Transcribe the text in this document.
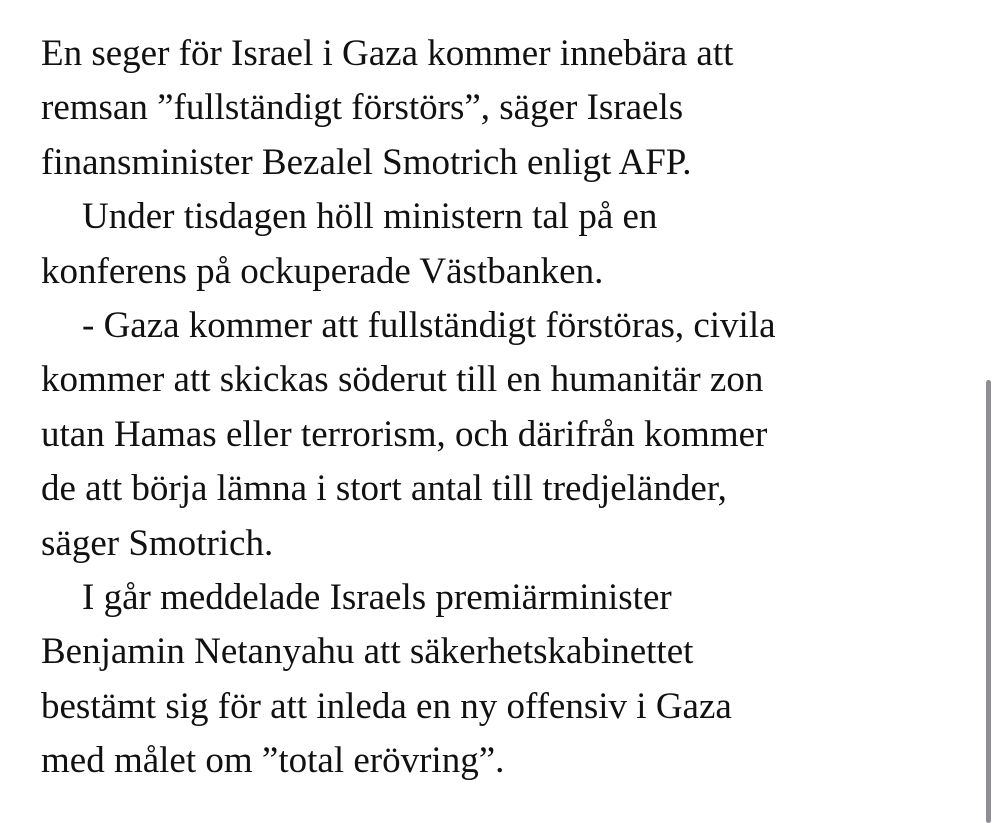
En seger för Israel i Gaza kommer innebära att
remsan ”fullständigt förstörs”, säger Israels
finansminister Bezalel Smotrich enligt AFP.

Under tisdagen höll ministern tal på en
konferens på ockuperade Västbanken.

- Gaza kommer att fullständigt förstöras, civila
kommer att skickas söderut till en humanitär zon
utan Hamas eller terrorism, och därifrån kommer
de att börja lämna i stort antal till tredjeländer,
säger Smotrich.

I går meddelade Israels premiärminister
Benjamin Netanyahu att säkerhetskabinettet
bestämt sig för att inleda en ny offensiv i Gaza
med målet om ”total erövring”.
